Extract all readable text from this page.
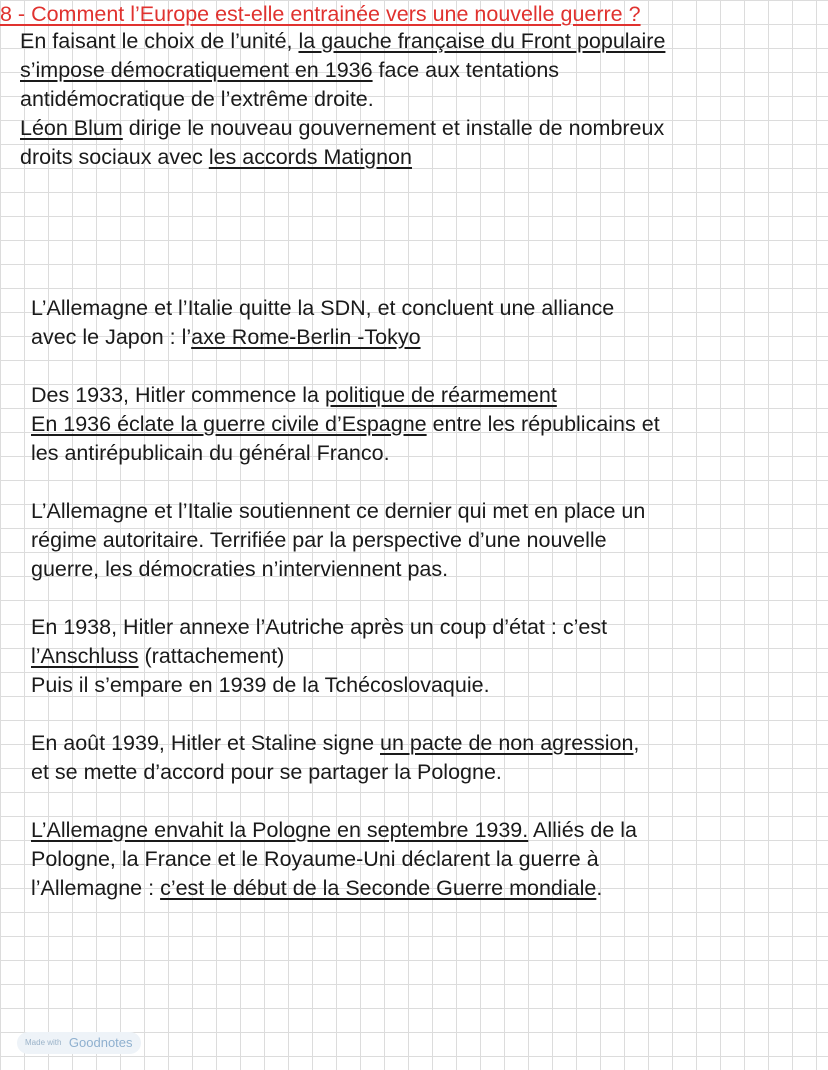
En faisant le choix de l’unité, la gauche française du Front populaire

s’impose démocratiquement en 1936 face aux tentations

antidémocratique de l’extrême droite.

Léon Blum dirige le nouveau gouvernement et installe de nombreux

droits sociaux avec les accords Matignon

8 - Comment l’Europe est-elle entrainée vers une nouvelle guerre ?

L’Allemagne et l’Italie quitte la SDN, et concluent une alliance

avec le Japon : l’axe Rome-Berlin -Tokyo

Des 1933, Hitler commence la politique de réarmement

En 1936 éclate la guerre civile d’Espagne entre les républicains et

les antirépublicain du général Franco.

L’Allemagne et l’Italie soutiennent ce dernier qui met en place un

régime autoritaire. Terrifiée par la perspective d’une nouvelle

guerre, les démocraties n’interviennent pas.

En 1938, Hitler annexe l’Autriche après un coup d’état : c’est

l’Anschluss (rattachement)

Puis il s’empare en 1939 de la Tchécoslovaquie.

En août 1939, Hitler et Staline signe un pacte de non agression,

et se mette d’accord pour se partager la Pologne.

L’Allemagne envahit la Pologne en septembre 1939. Alliés de la

Pologne, la France et le Royaume-Uni déclarent la guerre à

l’Allemagne : c’est le début de la Seconde Guerre mondiale.

Made with Goodnotes
